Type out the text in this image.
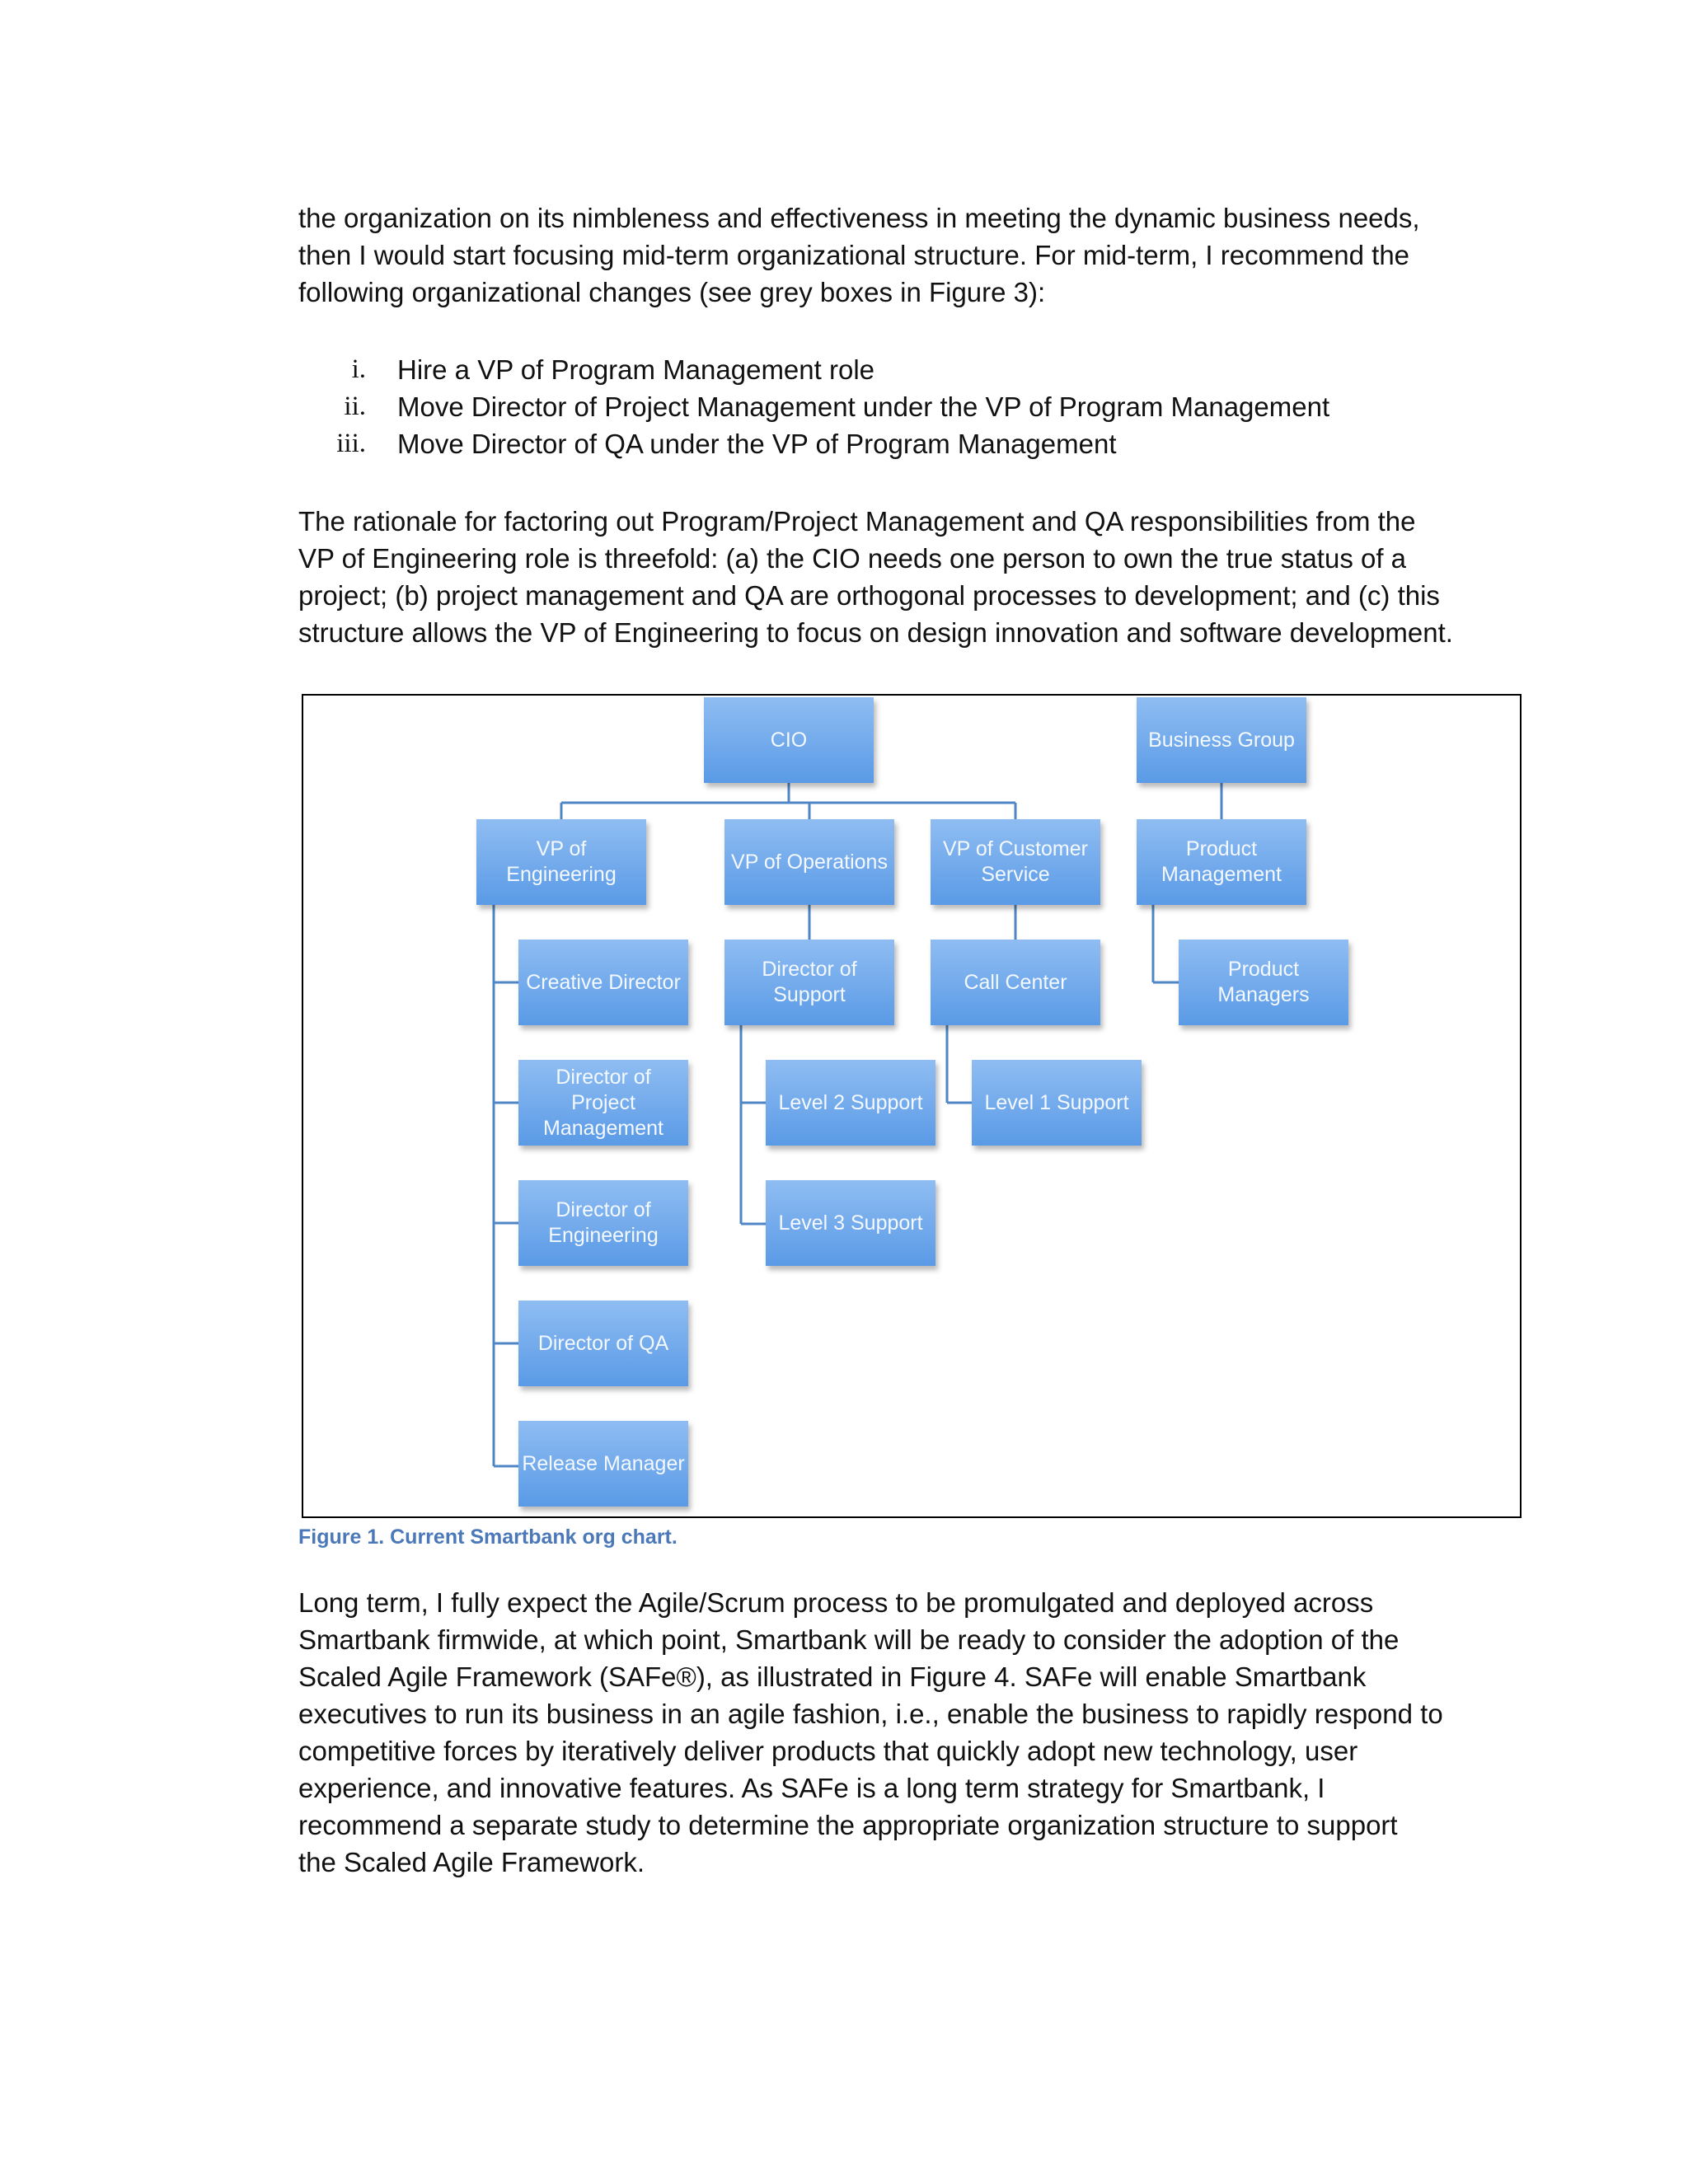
the organization on its nimbleness and effectiveness in meeting the dynamic business needs,
then I would start focusing mid-term organizational structure. For mid-term, I recommend the
following organizational changes (see grey boxes in Figure 3):

i. Hire a VP of Program Management role
ii. Move Director of Project Management under the VP of Program Management
iii. Move Director of QA under the VP of Program Management

The rationale for factoring out Program/Project Management and QA responsibilities from the
VP of Engineering role is threefold: (a) the CIO needs one person to own the true status of a
project; (b) project management and QA are orthogonal processes to development; and (c) this
structure allows the VP of Engineering to focus on design innovation and software development.

CIO	Business Group
VP of Engineering
VP of Operations
VP of Customer Service
Product Management
Creative Director
Director of Support
Call Center
Product Managers
Director of Project Management
Level 2 Support	Level 1 Support
Director of Engineering
Level 3 Support
Director of QA
Release Manager

Figure 1. Current Smartbank org chart.

Long term, I fully expect the Agile/Scrum process to be promulgated and deployed across
Smartbank firmwide, at which point, Smartbank will be ready to consider the adoption of the
Scaled Agile Framework (SAFe®), as illustrated in Figure 4. SAFe will enable Smartbank
executives to run its business in an agile fashion, i.e., enable the business to rapidly respond to
competitive forces by iteratively deliver products that quickly adopt new technology, user
experience, and innovative features. As SAFe is a long term strategy for Smartbank, I
recommend a separate study to determine the appropriate organization structure to support
the Scaled Agile Framework.
